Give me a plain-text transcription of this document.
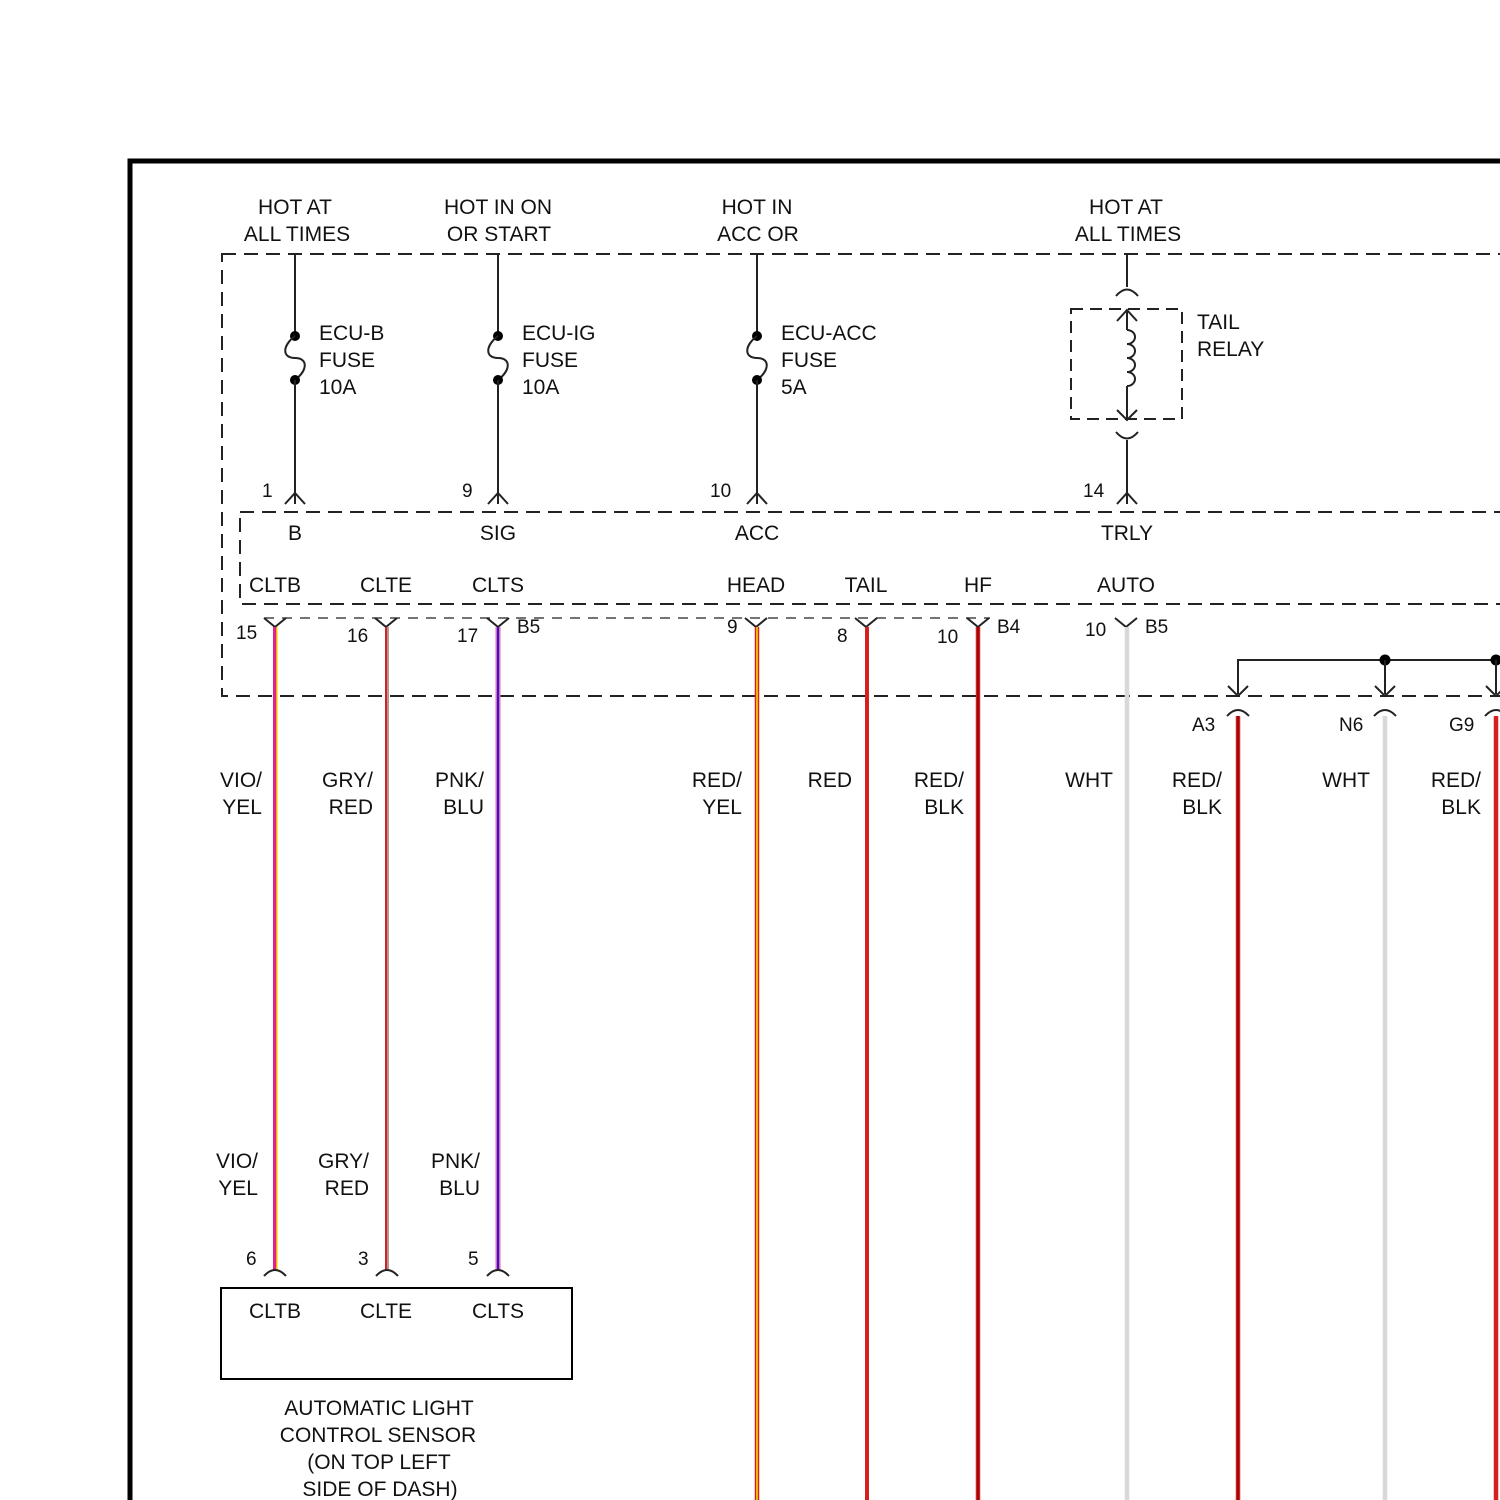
HOT AT
ALL TIMES
HOT IN ON
OR START
HOT IN
ACC OR
HOT AT
ALL TIMES
ECU-B
FUSE
10A
ECU-IG
FUSE
10A
ECU-ACC
FUSE
5A
TAIL
RELAY
1	9	10	14
B	SIG	ACC	TRLY
CLTB	CLTE	CLTS	HEAD	TAIL	HF	AUTO
15	16	17 B5	9	8	10 B4	10 B5
A3	N6	G9
VIO/
YEL
GRY/
RED
PNK/
BLU
RED/
YEL
RED	RED/
BLK
WHT	RED/
BLK
WHT	RED/
BLK
VIO/
YEL
GRY/
RED
PNK/
BLU
6	3	5
CLTB	CLTE	CLTS
AUTOMATIC LIGHT
CONTROL SENSOR
(ON TOP LEFT
SIDE OF DASH)
